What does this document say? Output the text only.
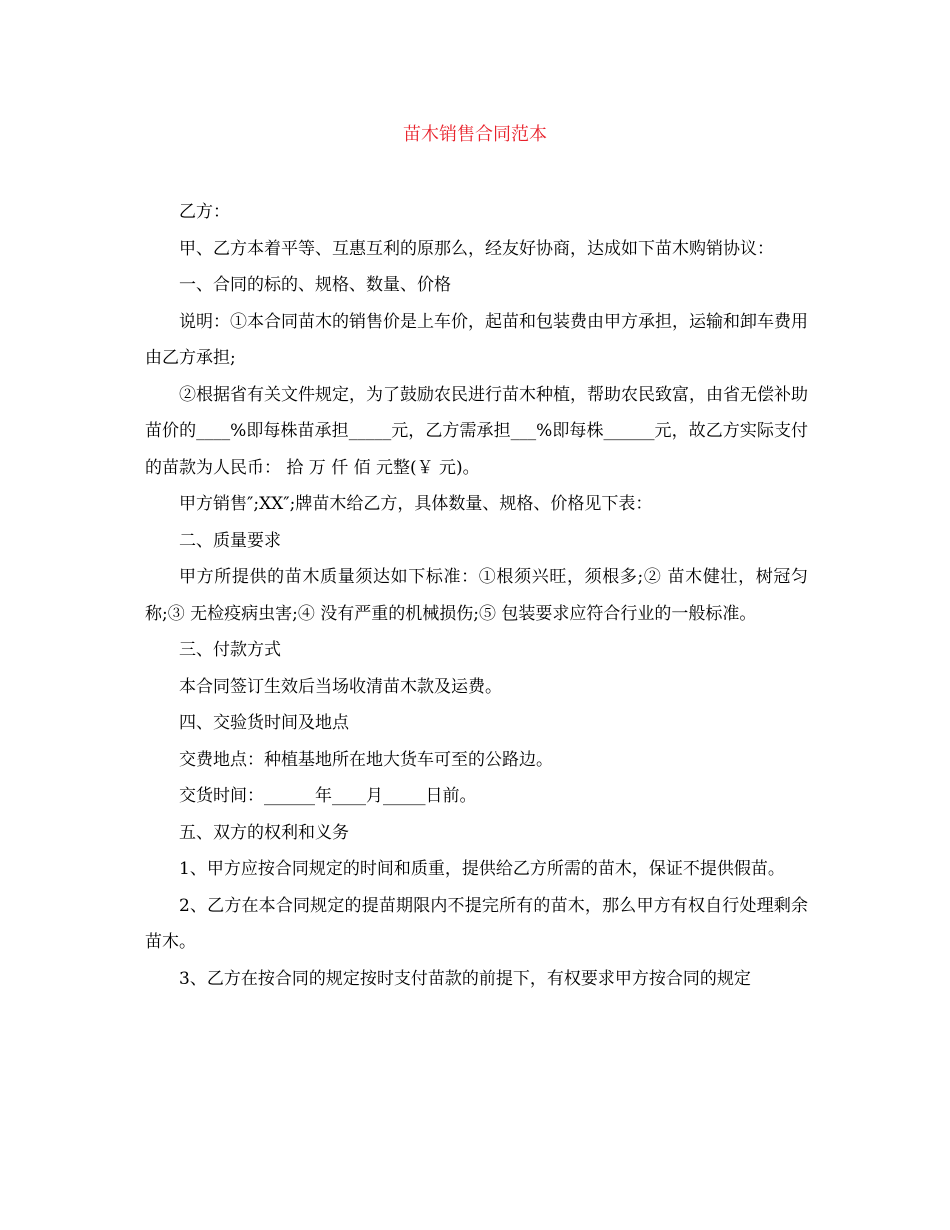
苗木销售合同范本

乙方：

甲、乙方本着平等、互惠互利的原那么，经友好协商，达成如下苗木购销协议：

一、合同的标的、规格、数量、价格

说明：①本合同苗木的销售价是上车价，起苗和包装费由甲方承担，运输和卸车费用由乙方承担;

②根据省有关文件规定，为了鼓励农民进行苗木种植，帮助农民致富，由省无偿补助苗价的____%即每株苗承担_____元，乙方需承担___%即每株______元，故乙方实际支付的苗款为人民币： 拾 万 仟 佰 元整(￥ 元)。

甲方销售″;XX″;牌苗木给乙方，具体数量、规格、价格见下表：

二、质量要求

甲方所提供的苗木质量须达如下标准：①根须兴旺，须根多;② 苗木健壮，树冠匀称;③ 无检疫病虫害;④ 没有严重的机械损伤;⑤ 包装要求应符合行业的一般标准。

三、付款方式

本合同签订生效后当场收清苗木款及运费。

四、交验货时间及地点

交费地点：种植基地所在地大货车可至的公路边。

交货时间：______年____月_____日前。

五、双方的权利和义务

1、甲方应按合同规定的时间和质重，提供给乙方所需的苗木，保证不提供假苗。

2、乙方在本合同规定的提苗期限内不提完所有的苗木，那么甲方有权自行处理剩余苗木。

3、乙方在按合同的规定按时支付苗款的前提下，有权要求甲方按合同的规定
